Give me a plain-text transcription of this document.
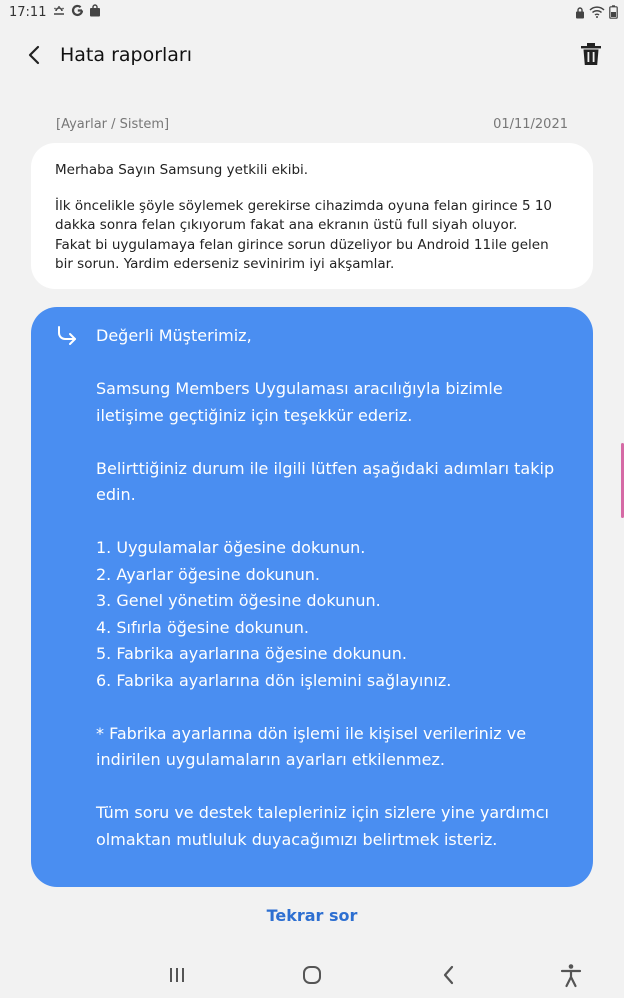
17:11
Hata raporları
[Ayarlar / Sistem]	01/11/2021

Merhaba Sayın Samsung yetkili ekibi.

İlk öncelikle şöyle söylemek gerekirse cihazimda oyuna felan girince 5 10

dakka sonra felan çıkıyorum fakat ana ekranın üstü full siyah oluyor.

Fakat bi uygulamaya felan girince sorun düzeliyor bu Android 11ile gelen

bir sorun. Yardim ederseniz sevinirim iyi akşamlar.

Değerli Müşterimiz,

Samsung Members Uygulaması aracılığıyla bizimle

iletişime geçtiğiniz için teşekkür ederiz.

Belirttiğiniz durum ile ilgili lütfen aşağıdaki adımları takip

edin.

1. Uygulamalar öğesine dokunun.

2. Ayarlar öğesine dokunun.

3. Genel yönetim öğesine dokunun.

4. Sıfırla öğesine dokunun.

5. Fabrika ayarlarına öğesine dokunun.

6. Fabrika ayarlarına dön işlemini sağlayınız.

* Fabrika ayarlarına dön işlemi ile kişisel verileriniz ve

indirilen uygulamaların ayarları etkilenmez.

Tüm soru ve destek talepleriniz için sizlere yine yardımcı

olmaktan mutluluk duyacağımızı belirtmek isteriz.

Tekrar sor
